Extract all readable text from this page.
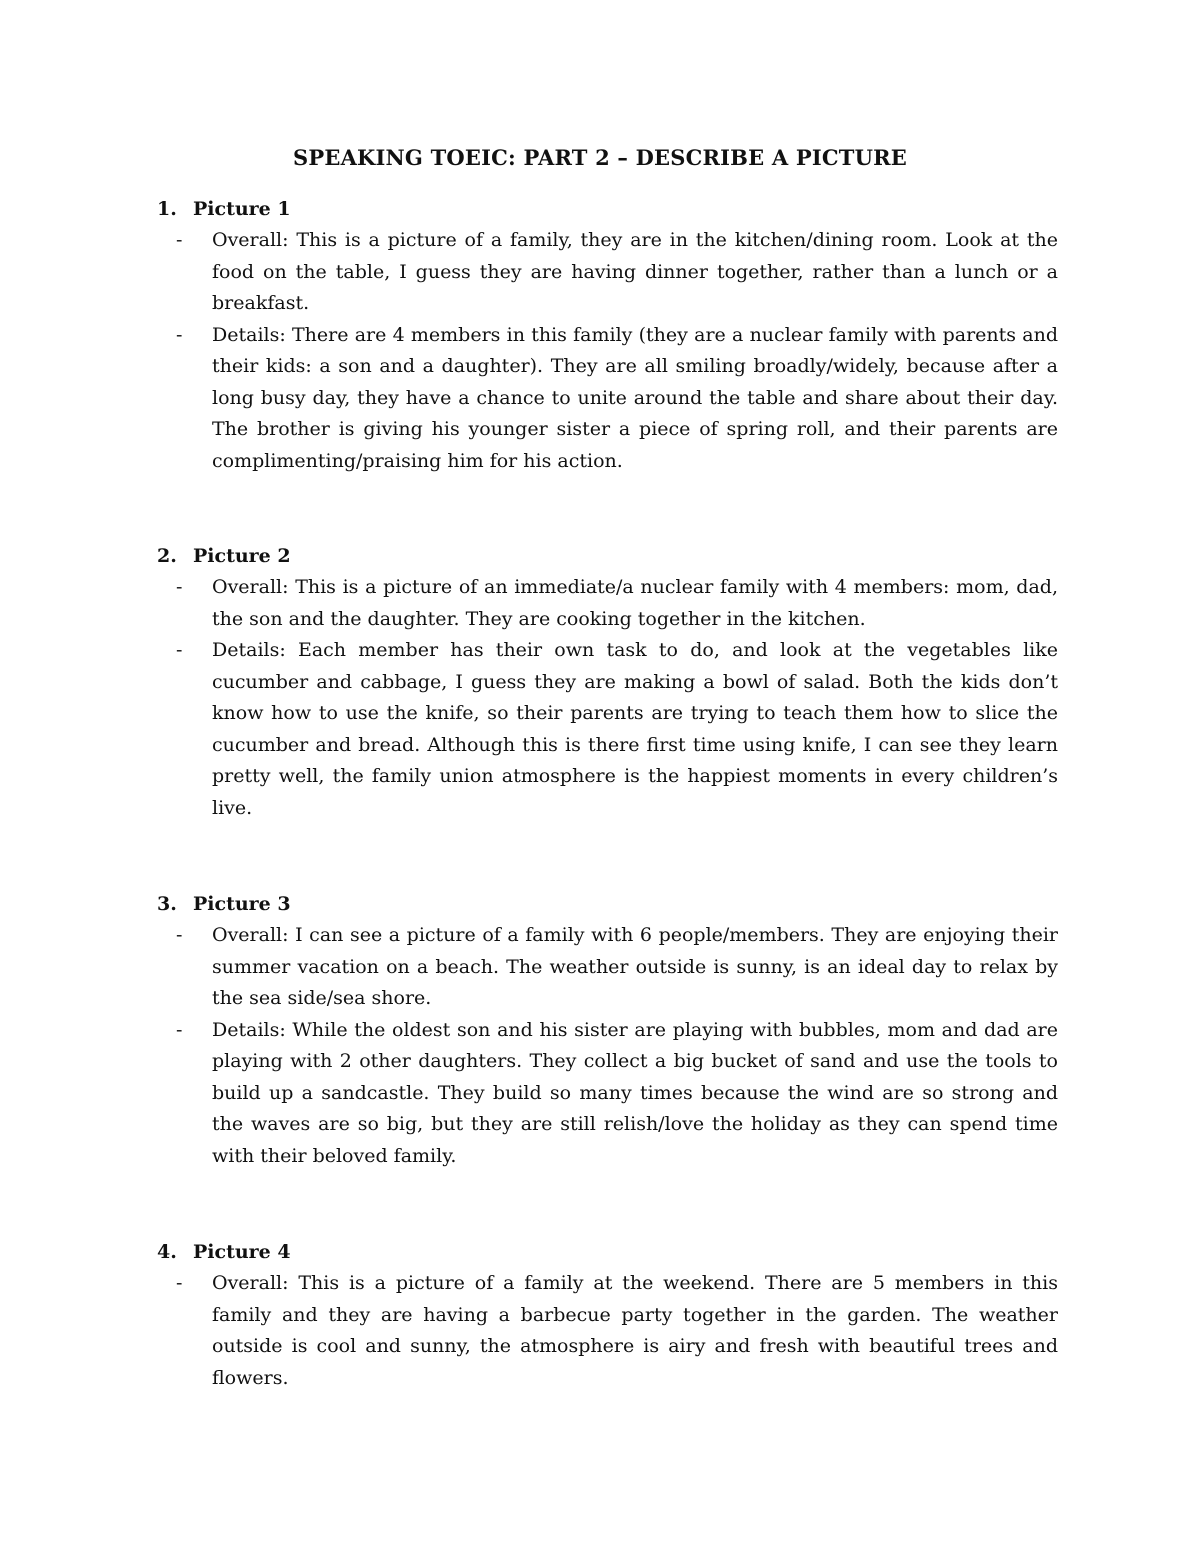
SPEAKING TOEIC: PART 2 – DESCRIBE A PICTURE
1. Picture 1
- Overall: This is a picture of a family, they are in the kitchen/dining room. Look at the food on the table, I guess they are having dinner together, rather than a lunch or a breakfast.
- Details: There are 4 members in this family (they are a nuclear family with parents and their kids: a son and a daughter). They are all smiling broadly/widely, because after a long busy day, they have a chance to unite around the table and share about their day. The brother is giving his younger sister a piece of spring roll, and their parents are complimenting/praising him for his action.
2. Picture 2
- Overall: This is a picture of an immediate/a nuclear family with 4 members: mom, dad, the son and the daughter. They are cooking together in the kitchen.
- Details: Each member has their own task to do, and look at the vegetables like cucumber and cabbage, I guess they are making a bowl of salad. Both the kids don’t know how to use the knife, so their parents are trying to teach them how to slice the cucumber and bread. Although this is there first time using knife, I can see they learn pretty well, the family union atmosphere is the happiest moments in every children’s live.
3. Picture 3
- Overall: I can see a picture of a family with 6 people/members. They are enjoying their summer vacation on a beach. The weather outside is sunny, is an ideal day to relax by the sea side/sea shore.
- Details: While the oldest son and his sister are playing with bubbles, mom and dad are playing with 2 other daughters. They collect a big bucket of sand and use the tools to build up a sandcastle. They build so many times because the wind are so strong and the waves are so big, but they are still relish/love the holiday as they can spend time with their beloved family.
4. Picture 4
- Overall: This is a picture of a family at the weekend. There are 5 members in this family and they are having a barbecue party together in the garden. The weather outside is cool and sunny, the atmosphere is airy and fresh with beautiful trees and flowers.
